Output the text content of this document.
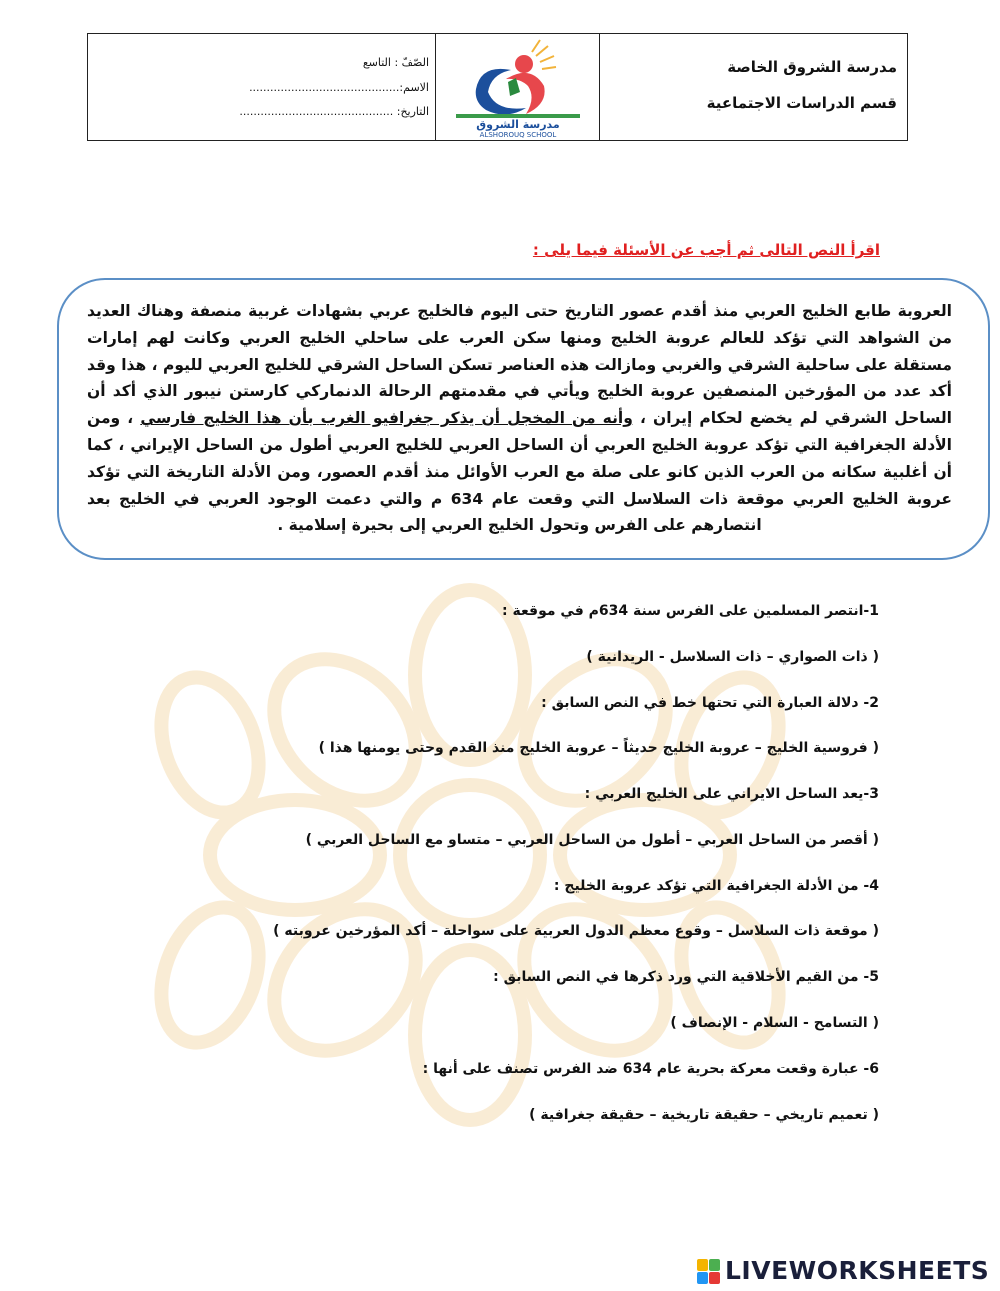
الصّفّ : التاسع
الاسم:...........................................
التاريخ: ............................................
مدرسة الشروق
ALSHOROUQ SCHOOL
مدرسة الشروق الخاصة
قسم الدراسات الاجتماعية
اقرأ النص التالى ثم أجب عن الأسئلة فيما يلى :
العروبة طابع الخليج العربي منذ أقدم عصور التاريخ حتى اليوم فالخليج عربي بشهادات غربية منصفة وهناك العديد من الشواهد التي تؤكد للعالم عروبة الخليج ومنها سكن العرب على ساحلي الخليج العربي وكانت لهم إمارات مستقلة على ساحلية الشرقي والغربي ومازالت هذه العناصر تسكن الساحل الشرقي للخليج العربي لليوم ، هذا وقد أكد عدد من المؤرخين المنصفين عروبة الخليج ويأتي في مقدمتهم الرحالة الدنماركي كارستن نيبور الذي أكد أن الساحل الشرقي لم يخضع لحكام إيران ، وأنه من المخجل أن يذكر جغرافيو الغرب بأن هذا الخليج فارسي ، ومن الأدلة الجغرافية التي تؤكد عروبة الخليج العربي أن الساحل العربي للخليج العربي أطول من الساحل الإيراني ، كما أن أغلبية سكانه من العرب الذين كانو على صلة مع العرب الأوائل منذ أقدم العصور، ومن الأدلة التاريخة التي تؤكد عروبة الخليج العربي موقعة ذات السلاسل التي وقعت عام 634 م والتي دعمت الوجود العربي في الخليج بعد انتصارهم على الفرس وتحول الخليج العربي إلى بحيرة إسلامية .
1-انتصر المسلمين على الفرس سنة 634م في موقعة :
( ذات الصواري – ذات السلاسل - الريدانية )
2- دلالة العبارة التي تحتها خط في النص السابق :
( فروسية الخليج – عروبة الخليج حديثاً – عروبة الخليج منذ القدم وحتى يومنها هذا )
3-يعد الساحل الايراني على الخليج العربي :
( أقصر من الساحل العربي – أطول من الساحل العربي – متساو مع الساحل العربي )
4- من الأدلة الجغرافية التي تؤكد عروبة الخليج :
( موقعة ذات السلاسل – وقوع معظم الدول العربية على سواحلة – أكد المؤرخين عروبته )
5- من القيم الأخلاقية التي ورد ذكرها في النص السابق :
( التسامح - السلام - الإنصاف )
6- عبارة وقعت معركة بحرية عام 634 ضد الفرس تصنف على أنها :
( تعميم تاريخي – حقيقة تاريخية – حقيقة جغرافية )
LIVEWORKSHEETS
